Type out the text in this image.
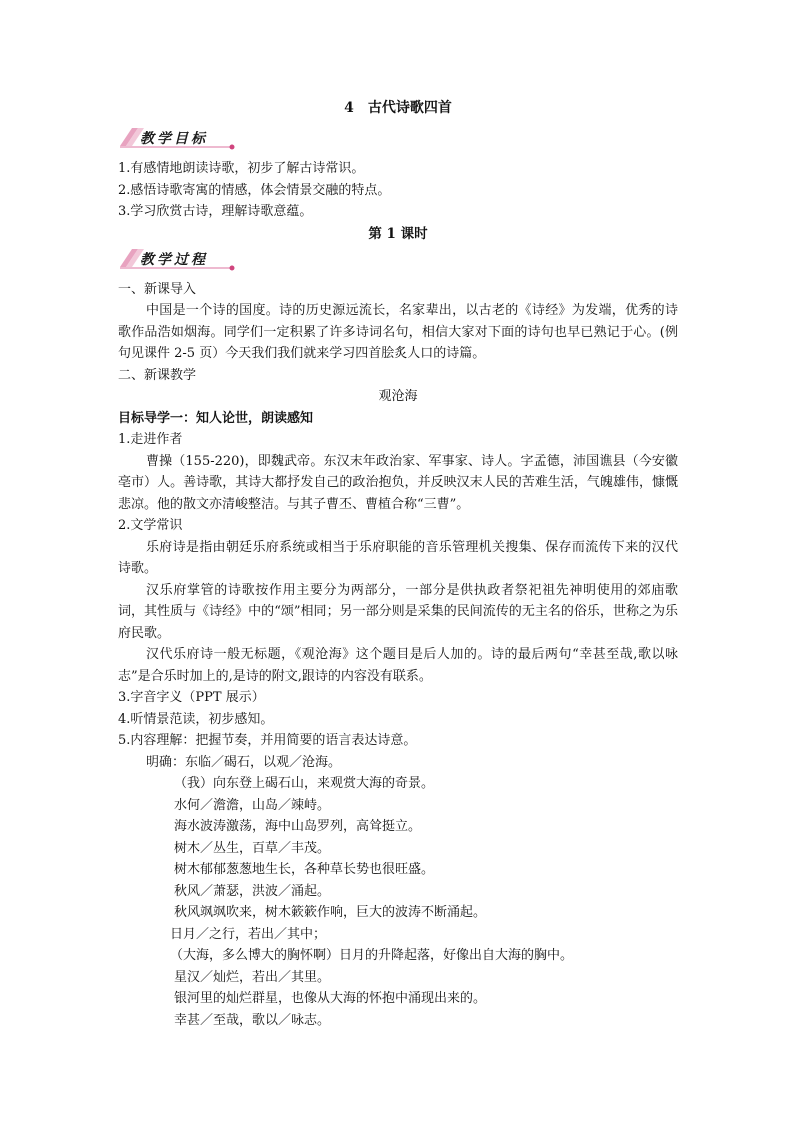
4 古代诗歌四首
教学目标
1.有感情地朗读诗歌，初步了解古诗常识。
2.感悟诗歌寄寓的情感，体会情景交融的特点。
3.学习欣赏古诗，理解诗歌意蕴。
第 1 课时
教学过程
一、新课导入
中国是一个诗的国度。诗的历史源远流长，名家辈出，以古老的《诗经》为发端，优秀的诗歌作品浩如烟海。同学们一定积累了许多诗词名句，相信大家对下面的诗句也早已熟记于心。(例句见课件 2-5 页）今天我们我们就来学习四首脍炙人口的诗篇。
二、新课教学
观沧海
目标导学一：知人论世，朗读感知
1.走进作者
曹操（155-220)，即魏武帝。东汉末年政治家、军事家、诗人。字孟德，沛国谯县（今安徽亳市）人。善诗歌，其诗大都抒发自己的政治抱负，并反映汉末人民的苦难生活，气魄雄伟，慷慨悲凉。他的散文亦清峻整洁。与其子曹丕、曹植合称“三曹”。
2.文学常识
乐府诗是指由朝廷乐府系统或相当于乐府职能的音乐管理机关搜集、保存而流传下来的汉代诗歌。
汉乐府掌管的诗歌按作用主要分为两部分，一部分是供执政者祭祀祖先神明使用的郊庙歌词，其性质与《诗经》中的“颂”相同；另一部分则是采集的民间流传的无主名的俗乐，世称之为乐府民歌。
汉代乐府诗一般无标题，《观沧海》这个题目是后人加的。诗的最后两句“幸甚至哉,歌以咏志”是合乐时加上的,是诗的附文,跟诗的内容没有联系。
3.字音字义（PPT 展示）
4.听情景范读，初步感知。
5.内容理解：把握节奏，并用简要的语言表达诗意。
明确：东临／碣石，以观／沧海。
（我）向东登上碣石山，来观赏大海的奇景。
水何／澹澹，山岛／竦峙。
海水波涛激荡，海中山岛罗列，高耸挺立。
树木／丛生，百草／丰茂。
树木郁郁葱葱地生长，各种草长势也很旺盛。
秋风／萧瑟，洪波／涌起。
秋风飒飒吹来，树木簌簌作响，巨大的波涛不断涌起。
日月／之行，若出／其中；
（大海，多么博大的胸怀啊）日月的升降起落，好像出自大海的胸中。
星汉／灿烂，若出／其里。
银河里的灿烂群星，也像从大海的怀抱中涌现出来的。
幸甚／至哉，歌以／咏志。
